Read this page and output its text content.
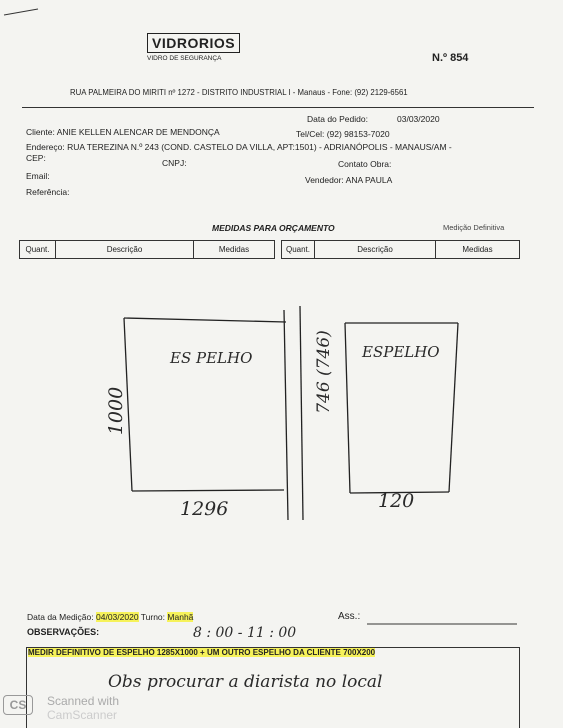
VIDRORIOS
VIDRO DE SEGURANÇA	N.º 854
RUA PALMEIRA DO MIRITI nº 1272 - DISTRITO INDUSTRIAL I - Manaus - Fone: (92) 2129-6561
Data do Pedido:	03/03/2020
Cliente: ANIE KELLEN ALENCAR DE MENDONÇA	Tel/Cel: (92) 98153-7020
Endereço: RUA TEREZINA N.º 243 (COND. CASTELO DA VILLA, APT:1501) - ADRIANÓPOLIS - MANAUS/AM -
CEP:	CNPJ:	Contato Obra:
Email:	Vendedor: ANA PAULA
Referência:
MEDIDAS PARA ORÇAMENTO	Medição Definitiva
Quant.	Descrição	Medidas	Quant.	Descrição	Medidas
ES PELHO
1000
1296
ESPELHO
746 (746)
120
Data da Medição: 04/03/2020 Turno: Manhã	Ass.:
OBSERVAÇÕES:	8 : 00 - 11 : 00
MEDIR DEFINITIVO DE ESPELHO 1285X1000 + UM OUTRO ESPELHO DA CLIENTE 700X200
Obs procurar a diarista no local
CS	Scanned with
CamScanner
